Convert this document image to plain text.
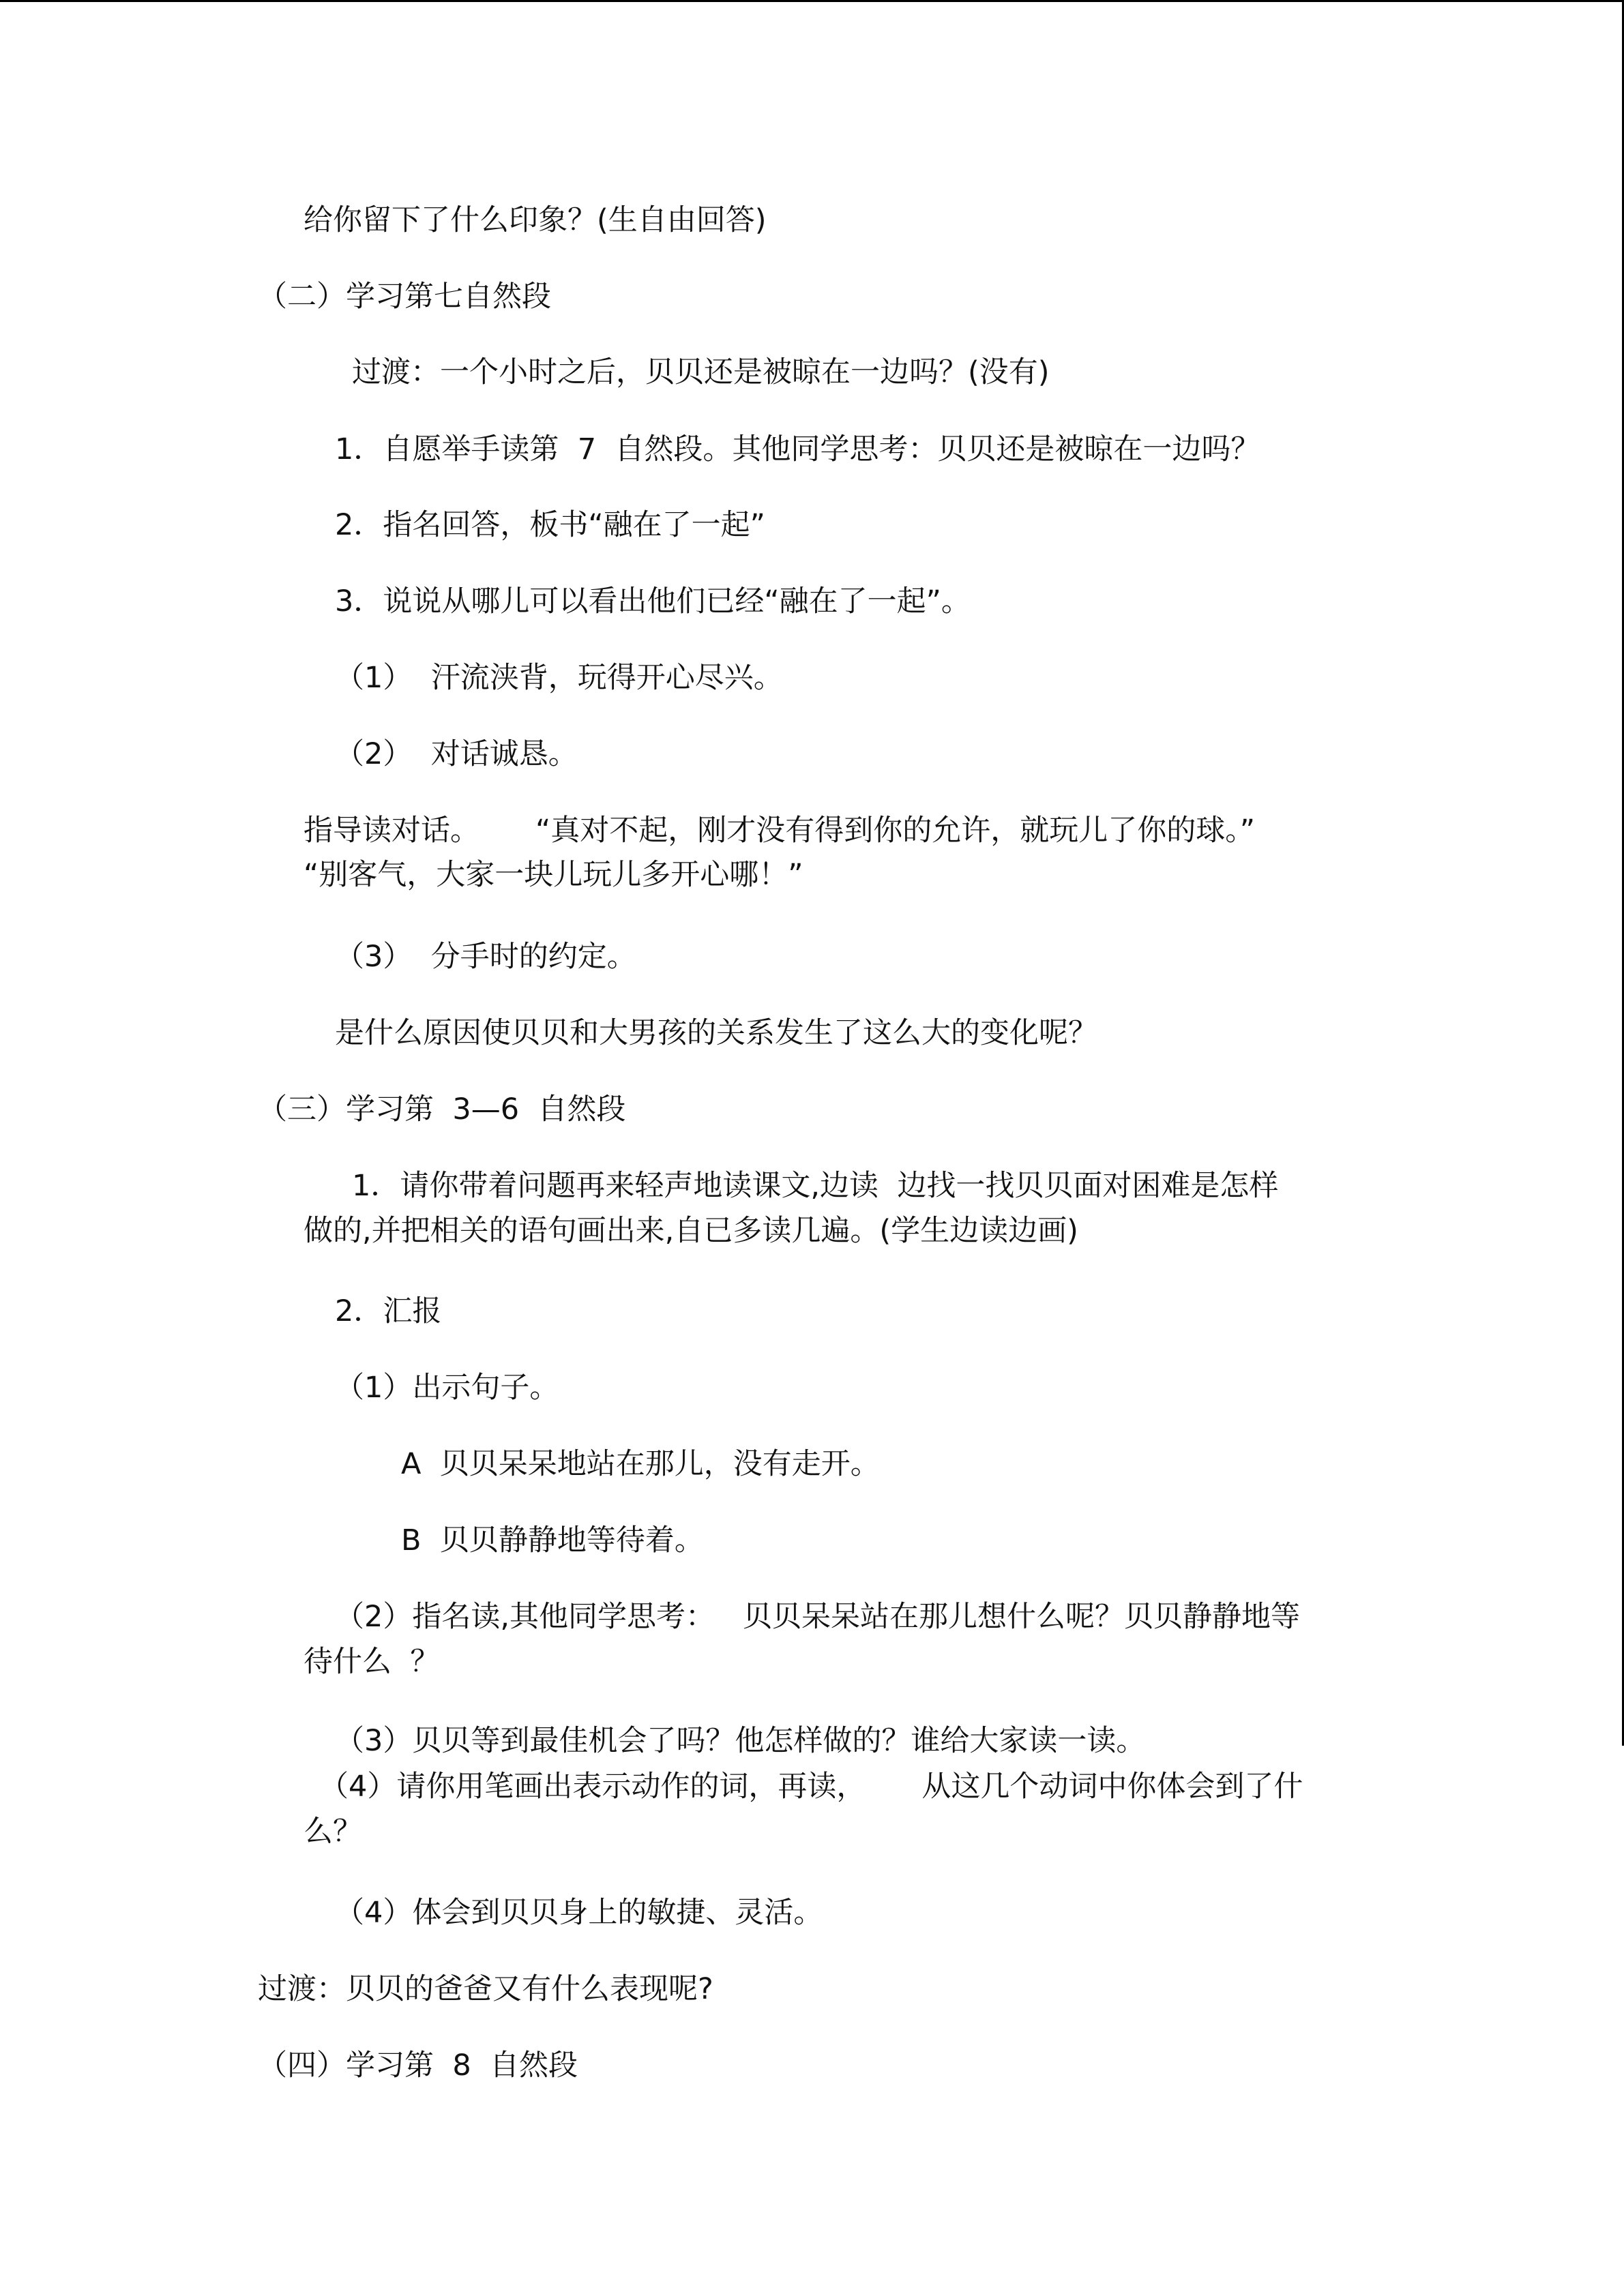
给你留下了什么印象？(生自由回答)
（二）学习第七自然段
过渡：一个小时之后，贝贝还是被晾在一边吗？(没有)
1．自愿举手读第  7  自然段。其他同学思考：贝贝还是被晾在一边吗？
2．指名回答，板书“融在了一起”
3．说说从哪儿可以看出他们已经“融在了一起”。
（1）  汗流浃背，玩得开心尽兴。
（2）  对话诚恳。
指导读对话。      “真对不起，刚才没有得到你的允许，就玩儿了你的球。”
“别客气，大家一块儿玩儿多开心哪！”
（3）  分手时的约定。
是什么原因使贝贝和大男孩的关系发生了这么大的变化呢？
（三）学习第  3—6  自然段
1．请你带着问题再来轻声地读课文,边读  边找一找贝贝面对困难是怎样
做的,并把相关的语句画出来,自已多读几遍。(学生边读边画)
2．汇报
（1）出示句子。
A  贝贝呆呆地站在那儿，没有走开。
B  贝贝静静地等待着。
（2）指名读,其他同学思考：   贝贝呆呆站在那儿想什么呢？贝贝静静地等
待什么  ？
（3）贝贝等到最佳机会了吗？他怎样做的？谁给大家读一读。
（4）请你用笔画出表示动作的词，再读，      从这几个动词中你体会到了什
么？
（4）体会到贝贝身上的敏捷、灵活。
过渡：贝贝的爸爸又有什么表现呢?
（四）学习第  8  自然段
